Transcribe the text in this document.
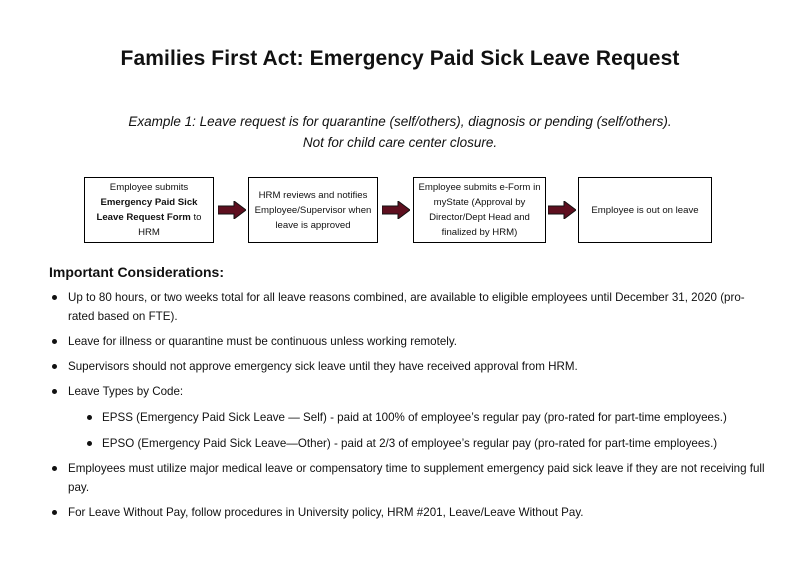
Families First Act: Emergency Paid Sick Leave Request
Example 1: Leave request is for quarantine (self/others), diagnosis or pending (self/others).
Not for child care center closure.
Employee submits
Emergency Paid Sick Leave Request Form to HRM
HRM reviews and notifies Employee/Supervisor when leave is approved
Employee submits e-Form in myState (Approval by Director/Dept Head and finalized by HRM)
Employee is out on leave
Important Considerations:
Up to 80 hours, or two weeks total for all leave reasons combined, are available to eligible employees until December 31, 2020 (pro-rated based on FTE).
Leave for illness or quarantine must be continuous unless working remotely.
Supervisors should not approve emergency sick leave until they have received approval from HRM.
Leave Types by Code:
EPSS (Emergency Paid Sick Leave — Self) - paid at 100% of employee’s regular pay (pro-rated for part-time employees.)
EPSO (Emergency Paid Sick Leave—Other) - paid at 2/3 of employee’s regular pay (pro-rated for part-time employees.)
Employees must utilize major medical leave or compensatory time to supplement emergency paid sick leave if they are not receiving full pay.
For Leave Without Pay, follow procedures in University policy, HRM #201, Leave/Leave Without Pay.
